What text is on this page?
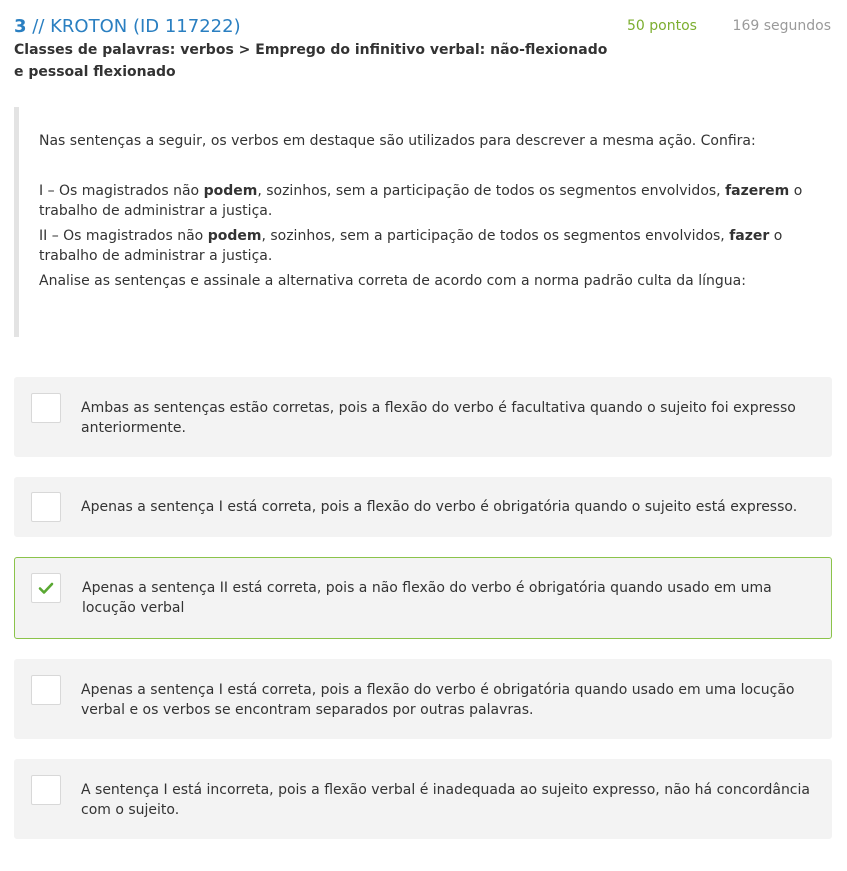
3 // KROTON (ID 117222)	50 pontos	169 segundos
Classes de palavras: verbos > Emprego do infinitivo verbal: não-flexionado e pessoal flexionado

Nas sentenças a seguir, os verbos em destaque são utilizados para descrever a mesma ação. Confira:

I – Os magistrados não podem, sozinhos, sem a participação de todos os segmentos envolvidos, fazerem o trabalho de administrar a justiça.

II – Os magistrados não podem, sozinhos, sem a participação de todos os segmentos envolvidos, fazer o trabalho de administrar a justiça.

Analise as sentenças e assinale a alternativa correta de acordo com a norma padrão culta da língua:

Ambas as sentenças estão corretas, pois a flexão do verbo é facultativa quando o sujeito foi expresso anteriormente.
Apenas a sentença I está correta, pois a flexão do verbo é obrigatória quando o sujeito está expresso.
Apenas a sentença II está correta, pois a não flexão do verbo é obrigatória quando usado em uma locução verbal
Apenas a sentença I está correta, pois a flexão do verbo é obrigatória quando usado em uma locução verbal e os verbos se encontram separados por outras palavras.
A sentença I está incorreta, pois a flexão verbal é inadequada ao sujeito expresso, não há concordância com o sujeito.
